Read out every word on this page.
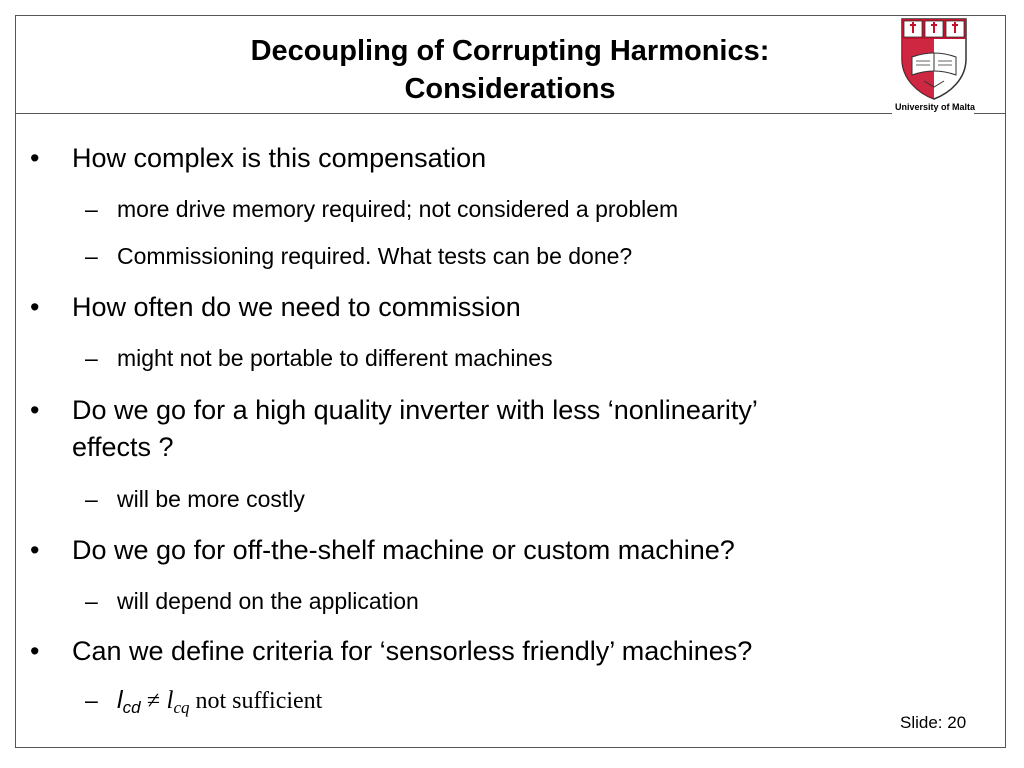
Decoupling of Corrupting Harmonics:
Considerations
University of Malta
• How complex is this compensation
– more drive memory required; not considered a problem
– Commissioning required. What tests can be done?
• How often do we need to commission
– might not be portable to different machines
• Do we go for a high quality inverter with less ‘nonlinearity’
effects ?
– will be more costly
• Do we go for off-the-shelf machine or custom machine?
– will depend on the application
• Can we define criteria for ‘sensorless friendly’ machines?
– $l_{cd} \ne l_{cq}$ not sufficient
Slide: 20
